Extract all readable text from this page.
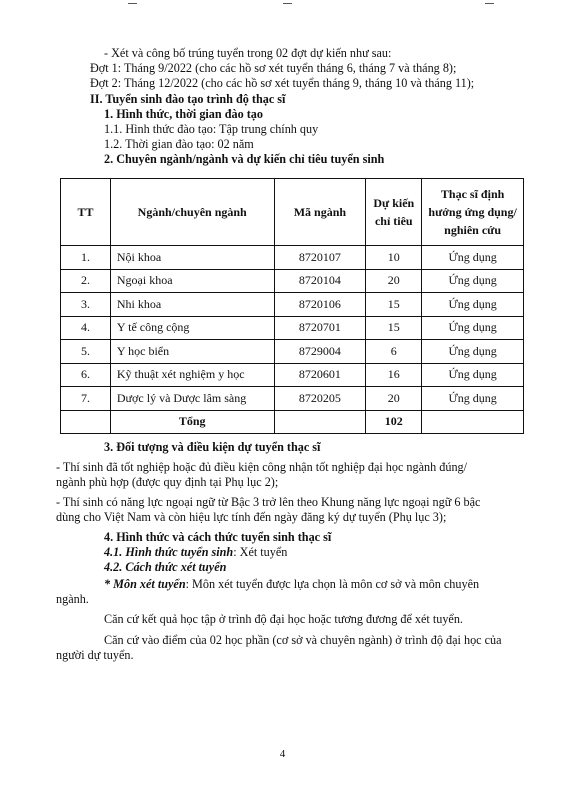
- Xét và công bố trúng tuyển trong 02 đợt dự kiến như sau:
Đợt 1: Tháng 9/2022 (cho các hồ sơ xét tuyển tháng 6, tháng 7 và tháng 8);
Đợt 2: Tháng 12/2022 (cho các hồ sơ xét tuyển tháng 9, tháng 10 và tháng 11);
II. Tuyển sinh đào tạo trình độ thạc sĩ
1. Hình thức, thời gian đào tạo
1.1. Hình thức đào tạo: Tập trung chính quy
1.2. Thời gian đào tạo: 02 năm
2. Chuyên ngành/ngành và dự kiến chỉ tiêu tuyển sinh
TT	Ngành/chuyên ngành	Mã ngành	Dự kiến chỉ tiêu	Thạc sĩ định hướng ứng dụng/ nghiên cứu
1.	Nội khoa	8720107	10	Ứng dụng
2.	Ngoại khoa	8720104	20	Ứng dụng
3.	Nhi khoa	8720106	15	Ứng dụng
4.	Y tế công cộng	8720701	15	Ứng dụng
5.	Y học biển	8729004	6	Ứng dụng
6.	Kỹ thuật xét nghiệm y học	8720601	16	Ứng dụng
7.	Dược lý và Dược lâm sàng	8720205	20	Ứng dụng
	Tổng		102	
3. Đối tượng và điều kiện dự tuyển thạc sĩ
- Thí sinh đã tốt nghiệp hoặc đủ điều kiện công nhận tốt nghiệp đại học ngành đúng/
ngành phù hợp (được quy định tại Phụ lục 2);
- Thí sinh có năng lực ngoại ngữ từ Bậc 3 trở lên theo Khung năng lực ngoại ngữ 6 bậc
dùng cho Việt Nam và còn hiệu lực tính đến ngày đăng ký dự tuyển (Phụ lục 3);
4. Hình thức và cách thức tuyển sinh thạc sĩ
4.1. Hình thức tuyển sinh: Xét tuyển
4.2. Cách thức xét tuyển
* Môn xét tuyển: Môn xét tuyển được lựa chọn là môn cơ sở và môn chuyên
ngành.
Căn cứ kết quả học tập ở trình độ đại học hoặc tương đương để xét tuyển.
Căn cứ vào điểm của 02 học phần (cơ sở và chuyên ngành) ở trình độ đại học của
người dự tuyển.
4
